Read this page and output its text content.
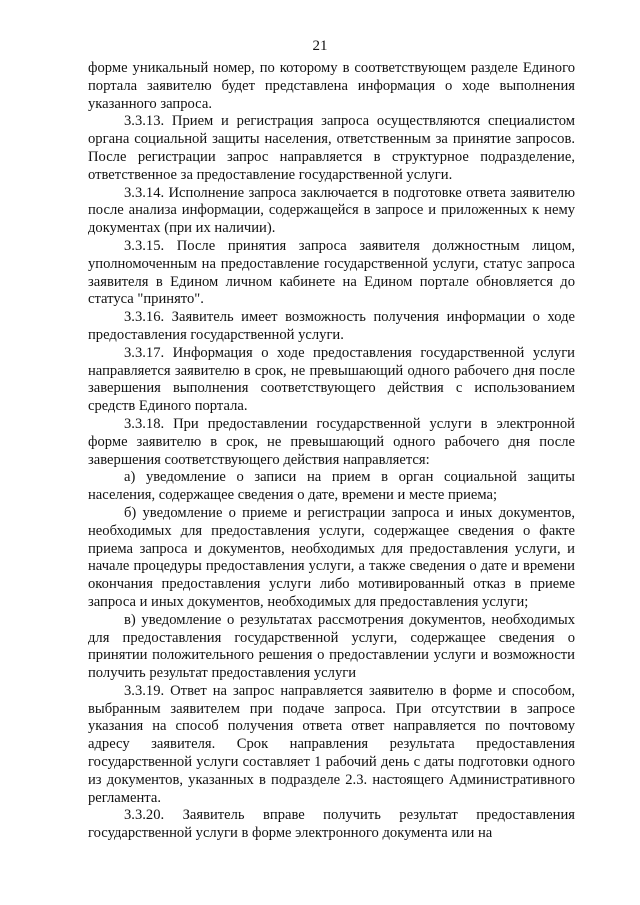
21

форме уникальный номер, по которому в соответствующем разделе Единого портала заявителю будет представлена информация о ходе выполнения указанного запроса.

3.3.13. Прием и регистрация запроса осуществляются специалистом органа социальной защиты населения, ответственным за принятие запросов. После регистрации запрос направляется в структурное подразделение, ответственное за предоставление государственной услуги.

3.3.14. Исполнение запроса заключается в подготовке ответа заявителю после анализа информации, содержащейся в запросе и приложенных к нему документах (при их наличии).

3.3.15. После принятия запроса заявителя должностным лицом, уполномоченным на предоставление государственной услуги, статус запроса заявителя в Едином личном кабинете на Едином портале обновляется до статуса "принято".

3.3.16. Заявитель имеет возможность получения информации о ходе предоставления государственной услуги.

3.3.17. Информация о ходе предоставления государственной услуги направляется заявителю в срок, не превышающий одного рабочего дня после завершения выполнения соответствующего действия с использованием средств Единого портала.

3.3.18. При предоставлении государственной услуги в электронной форме заявителю в срок, не превышающий одного рабочего дня после завершения соответствующего действия направляется:

а) уведомление о записи на прием в орган социальной защиты населения, содержащее сведения о дате, времени и месте приема;

б) уведомление о приеме и регистрации запроса и иных документов, необходимых для предоставления услуги, содержащее сведения о факте приема запроса и документов, необходимых для предоставления услуги, и начале процедуры предоставления услуги, а также сведения о дате и времени окончания предоставления услуги либо мотивированный отказ в приеме запроса и иных документов, необходимых для предоставления услуги;

в) уведомление о результатах рассмотрения документов, необходимых для предоставления государственной услуги, содержащее сведения о принятии положительного решения о предоставлении услуги и возможности получить результат предоставления услуги

3.3.19. Ответ на запрос направляется заявителю в форме и способом, выбранным заявителем при подаче запроса. При отсутствии в запросе указания на способ получения ответа ответ направляется по почтовому адресу заявителя. Срок направления результата предоставления государственной услуги составляет 1 рабочий день с даты подготовки одного из документов, указанных в подразделе 2.3. настоящего Административного регламента.

3.3.20. Заявитель вправе получить результат предоставления государственной услуги в форме электронного документа или на
